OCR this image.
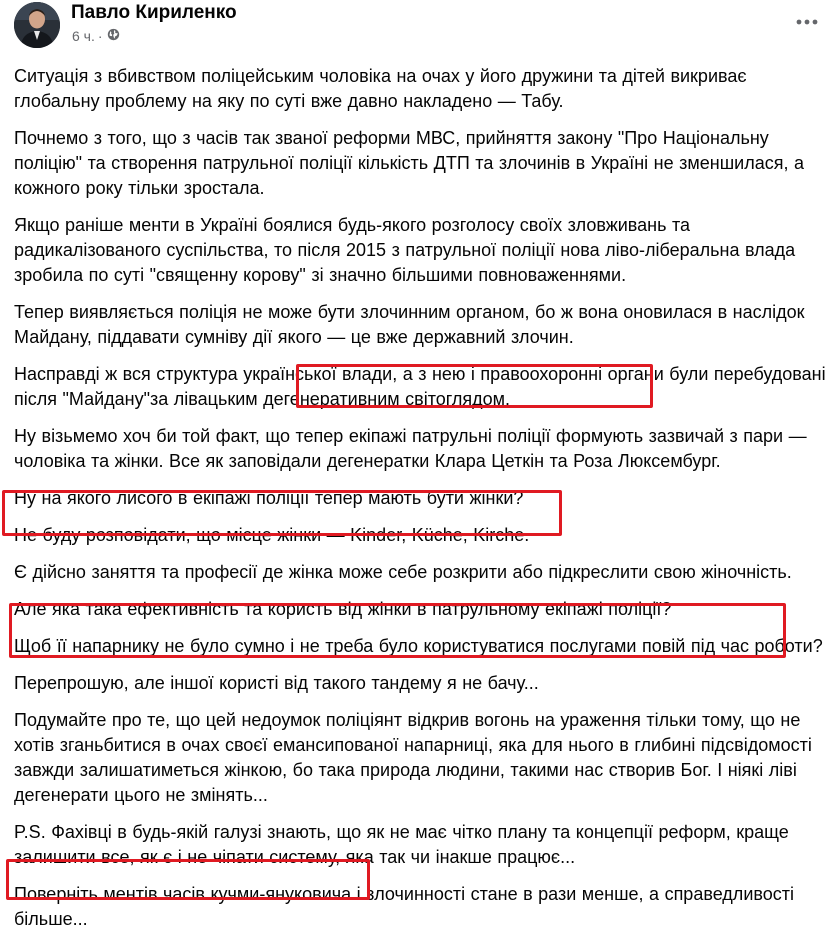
Павло Кириленко
6 ч. ·

Ситуація з вбивством поліцейським чоловіка на очах у його дружини та дітей викриває глобальну проблему на яку по суті вже давно накладено — Табу.

Почнемо з того, що з часів так званої реформи МВС, прийняття закону "Про Національну поліцію" та створення патрульної поліції кількість ДТП та злочинів в Україні не зменшилася, а кожного року тільки зростала.

Якщо раніше менти в Україні боялися будь-якого розголосу своїх зловживань та радикалізованого суспільства, то після 2015 з патрульної поліції нова ліво-ліберальна влада зробила по суті "священну корову" зі значно більшими повноваженнями.

Тепер виявляється поліція не може бути злочинним органом, бо ж вона оновилася в наслідок Майдану, піддавати сумніву дії якого — це вже державний злочин.

Насправді ж вся структура української влади, а з нею і правоохоронні органи були перебудовані після "Майдану"за лівацьким дегенеративним світоглядом.

Ну візьмемо хоч би той факт, що тепер екіпажі патрульні поліції формують зазвичай з пари — чоловіка та жінки. Все як заповідали дегенератки Клара Цеткін та Роза Люксембург.

Ну на якого лисого в екіпажі поліції тепер мають бути жінки?

Не буду розповідати, що місце жінки — Kinder, Küche, Kirche.

Є дійсно заняття та професії де жінка може себе розкрити або підкреслити свою жіночність.

Але яка така ефективність та користь від жінки в патрульному екіпажі поліції?

Щоб її напарнику не було сумно і не треба було користуватися послугами повій під час роботи?

Перепрошую, але іншої користі від такого тандему я не бачу...

Подумайте про те, що цей недоумок поліціянт відкрив вогонь на ураження тільки тому, що не хотів зганьбитися в очах своєї емансипованої напарниці, яка для нього в глибині підсвідомості завжди залишатиметься жінкою, бо така природа людини, такими нас створив Бог. І ніякі ліві дегенерати цього не змінять...

P.S. Фахівці в будь-якій галузі знають, що як не має чітко плану та концепції реформ, краще залишити все, як є і не чіпати систему, яка так чи інакше працює...

Поверніть ментів часів кучми-януковича і злочинності стане в рази менше, а справедливості більше...
